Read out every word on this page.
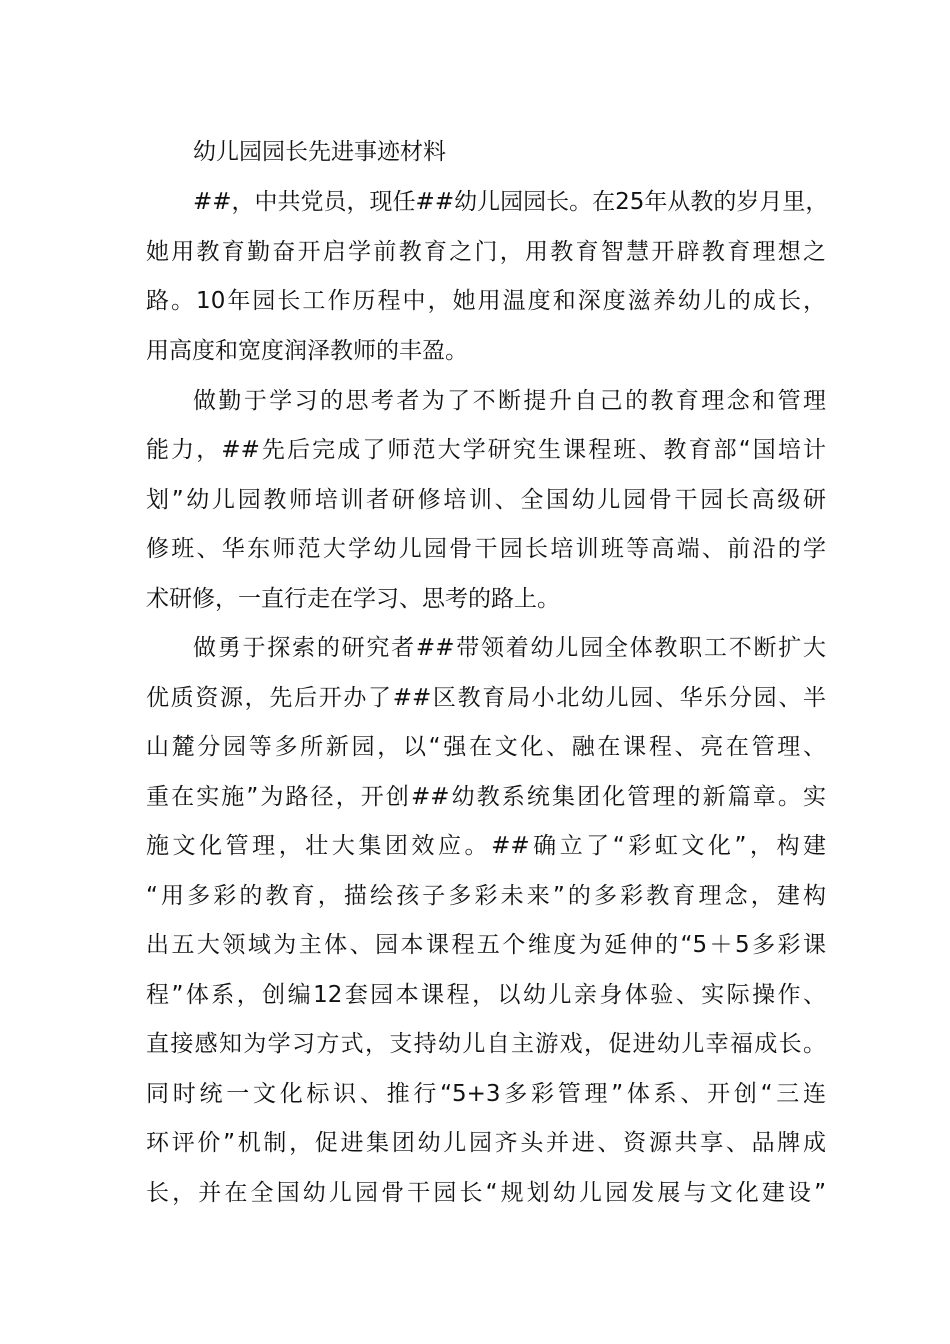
幼儿园园长先进事迹材料
##，中共党员，现任##幼儿园园长。在25年从教的岁月里，
她用教育勤奋开启学前教育之门，用教育智慧开辟教育理想之
路。10年园长工作历程中，她用温度和深度滋养幼儿的成长，
用高度和宽度润泽教师的丰盈。
做勤于学习的思考者为了不断提升自己的教育理念和管理
能力，##先后完成了师范大学研究生课程班、教育部“国培计
划”幼儿园教师培训者研修培训、全国幼儿园骨干园长高级研
修班、华东师范大学幼儿园骨干园长培训班等高端、前沿的学
术研修，一直行走在学习、思考的路上。
做勇于探索的研究者##带领着幼儿园全体教职工不断扩大
优质资源，先后开办了##区教育局小北幼儿园、华乐分园、半
山麓分园等多所新园，以“强在文化、融在课程、亮在管理、
重在实施”为路径，开创##幼教系统集团化管理的新篇章。实
施文化管理，壮大集团效应。##确立了“彩虹文化”，构建
“用多彩的教育，描绘孩子多彩未来”的多彩教育理念，建构
出五大领域为主体、园本课程五个维度为延伸的“5＋5多彩课
程”体系，创编12套园本课程，以幼儿亲身体验、实际操作、
直接感知为学习方式，支持幼儿自主游戏，促进幼儿幸福成长。
同时统一文化标识、推行“5+3多彩管理”体系、开创“三连
环评价”机制，促进集团幼儿园齐头并进、资源共享、品牌成
长，并在全国幼儿园骨干园长“规划幼儿园发展与文化建设”
